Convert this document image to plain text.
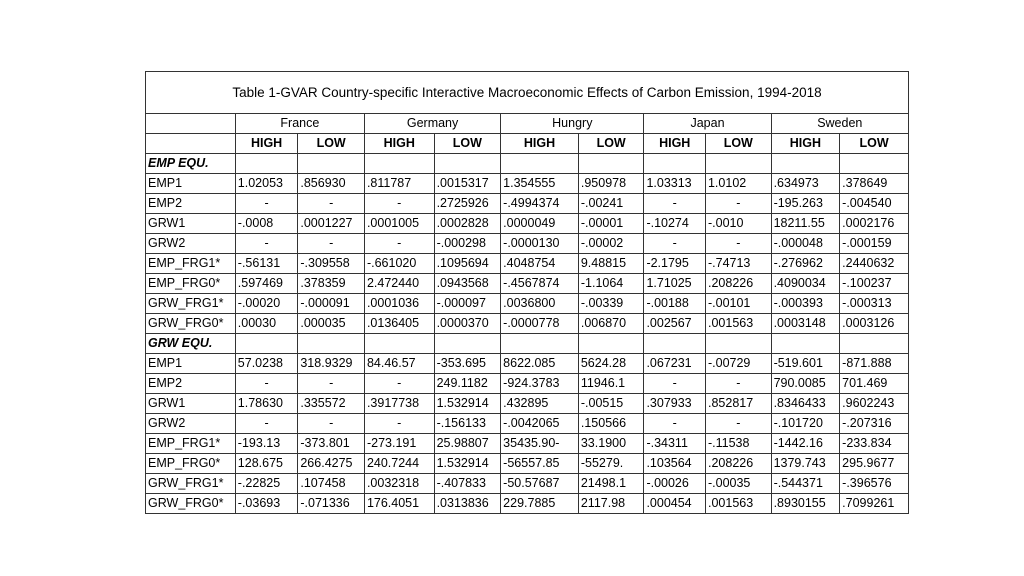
Table 1-GVAR Country-specific Interactive Macroeconomic Effects of Carbon Emission, 1994-2018										
	France		Germany		Hungry		Japan		Sweden	
	HIGH	LOW	HIGH	LOW	HIGH	LOW	HIGH	LOW	HIGH	LOW
EMP EQU.										
EMP1	1.02053	.856930	.811787	.0015317	1.354555	.950978	1.03313	1.0102	.634973	.378649
EMP2	-	-	-	.2725926	-.4994374	-.00241	-	-	-195.263	-.004540
GRW1	-.0008	.0001227	.0001005	.0002828	.0000049	-.00001	-.10274	-.0010	18211.55	.0002176
GRW2	-	-	-	-.000298	-.0000130	-.00002	-	-	-.000048	-.000159
EMP_FRG1*	-.56131	-.309558	-.661020	.1095694	.4048754	9.48815	-2.1795	-.74713	-.276962	.2440632
EMP_FRG0*	.597469	.378359	2.472440	.0943568	-.4567874	-1.1064	1.71025	.208226	.4090034	-.100237
GRW_FRG1*	-.00020	-.000091	.0001036	-.000097	.0036800	-.00339	-.00188	-.00101	-.000393	-.000313
GRW_FRG0*	.00030	.000035	.0136405	.0000370	-.0000778	.006870	.002567	.001563	.0003148	.0003126
GRW EQU.										
EMP1	57.0238	318.9329	84.46.57	-353.695	8622.085	5624.28	.067231	-.00729	-519.601	-871.888
EMP2	-	-	-	249.1182	-924.3783	11946.1	-	-	790.0085	701.469
GRW1	1.78630	.335572	.3917738	1.532914	.432895	-.00515	.307933	.852817	.8346433	.9602243
GRW2	-	-	-	-.156133	-.0042065	.150566	-	-	-.101720	-.207316
EMP_FRG1*	-193.13	-373.801	-273.191	25.98807	35435.90-	33.1900	-.34311	-.11538	-1442.16	-233.834
EMP_FRG0*	128.675	266.4275	240.7244	1.532914	-56557.85	-55279.	.103564	.208226	1379.743	295.9677
GRW_FRG1*	-.22825	.107458	.0032318	-.407833	-50.57687	21498.1	-.00026	-.00035	-.544371	-.396576
GRW_FRG0*	-.03693	-.071336	176.4051	.0313836	229.7885	2117.98	.000454	.001563	.8930155	.7099261
